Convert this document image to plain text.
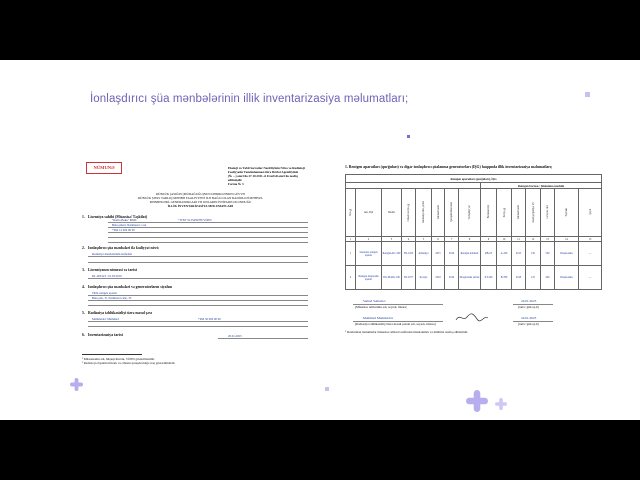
İonlaşdırıcı şüa mənbələrinin illik inventarizasiya məlumatları;
NÜMUNƏ	Ekoloji və Təbii Sərvətlər Nazirliyinin Nüvə və Radioloji
Fəaliyyətin Tənzimlənməsi üzrə Dövlət Agentliyinin
(№ ...) əmri ilə 27.10.2011-ci il tarixli əmri ilə təsdiq
edilmişdir.
Forma № 3
RÜBLÜK (ASIĞIN (MÜDAĞUĞU)NUN DƏRIKLƏNDƏ GÜVVƏ
RÜBLÜK ŞƏXS VARLIQ MƏNBƏ FAALIYYƏTİ İLƏ BAĞLI OLAN RADİOLOJİ MƏHSUL
MƏNBƏLƏRİ, GENERATORLARI VƏ ONLARIN İSTİFADƏ OLUNDUĞU
İLLİK İNVENTARİZASİYA MƏLUMATLARI
1. Lisenziya sahibi (Müəssisə/ Təşkilat)
"Radio-Baku" MMC	"TTM" 0123456789 VÖEN
Bakı şəhəri, Nərimanov r-nu
+994 12 000 00 00
2. İonlaşdırıcı şüa mənbələri ilə fəaliyyət növü
Radiasiya mənbələrinin istifadəsi
3. Lisenziyanın nömrəsi və tarixi
RL-000123 / 01.03.2019
4. İonlaşdırıcı şüa mənbələri və generatorların siyahısı
Tibbi rentgen aparatı
Bakı şəh., N. Nərimanov küç. 35
5. Radiasiya təhlükəsizliyi üzrə məsul şəxs
Məmmədov Məmməd	+994 50 000 00 00
6. İnventarizasiya tarixi	20.01.2023
¹ Müəssisənin adı, hüquqi ünvanı, VÖEN göstərilməlidir.
² Radioloji obyektin ünvanı və cihazın quraşdırıldığı otaq göstərilməlidir.
1. Rentgen aparatları (qurğuları) və digər ionlaşdırıcı şüalanma generatorları (İŞG) haqqında illik inventarizasiya məlumatları;
Rentgen aparatları (qurğuları), İŞG														
								Rentgen borusu / Şüalanma modulu						
Sıra №	Adı, Tipi	Model	Cihazın seriya №	İstehsalçı ölkə, şirkət	İstehsal tarixi	Quraşdırılma tarixi	Yerləşdiyi yer	Borunun tipi	Seriya №	İstehsal tarixi	Anod gərginliyi, kV	Cərəyan, mA	Təyinatı	Qeyd
1	2	3	4	5	6	7	8	9	10	11	12	13	14	15
1	Stasionar rentgen aparatı	Rentgen-Pro 300	SN-1023	Almaniya	2015	2016	Rentgen kabineti	RB-23	A-456	2015	150	500	Diaqnostika	—
2	Rentgen diaqnostik aparatı	DX-Mobile 100	SN-2077	Koreya	2018	2019	Diaqnostika şöbəsi	XT-200	B-789	2018	125	400	Diaqnostika	—
Səməd Səmədov
(Müəssisə rəhbərinin adı, soyadı, imzası)
24.01.2023
(tarix: gün.ay.il)
Məmməd Məmmədov
(Radiasiya təhlükəsizliyi üzrə məsul şəxsin adı, soyadı, imzası)
24.01.2023
(tarix: gün.ay.il)
¹ Doldurulan məlumatlar müəssisə rəhbəri tərəfindən imzalanmalı və möhürlə təsdiq edilməlidir.
